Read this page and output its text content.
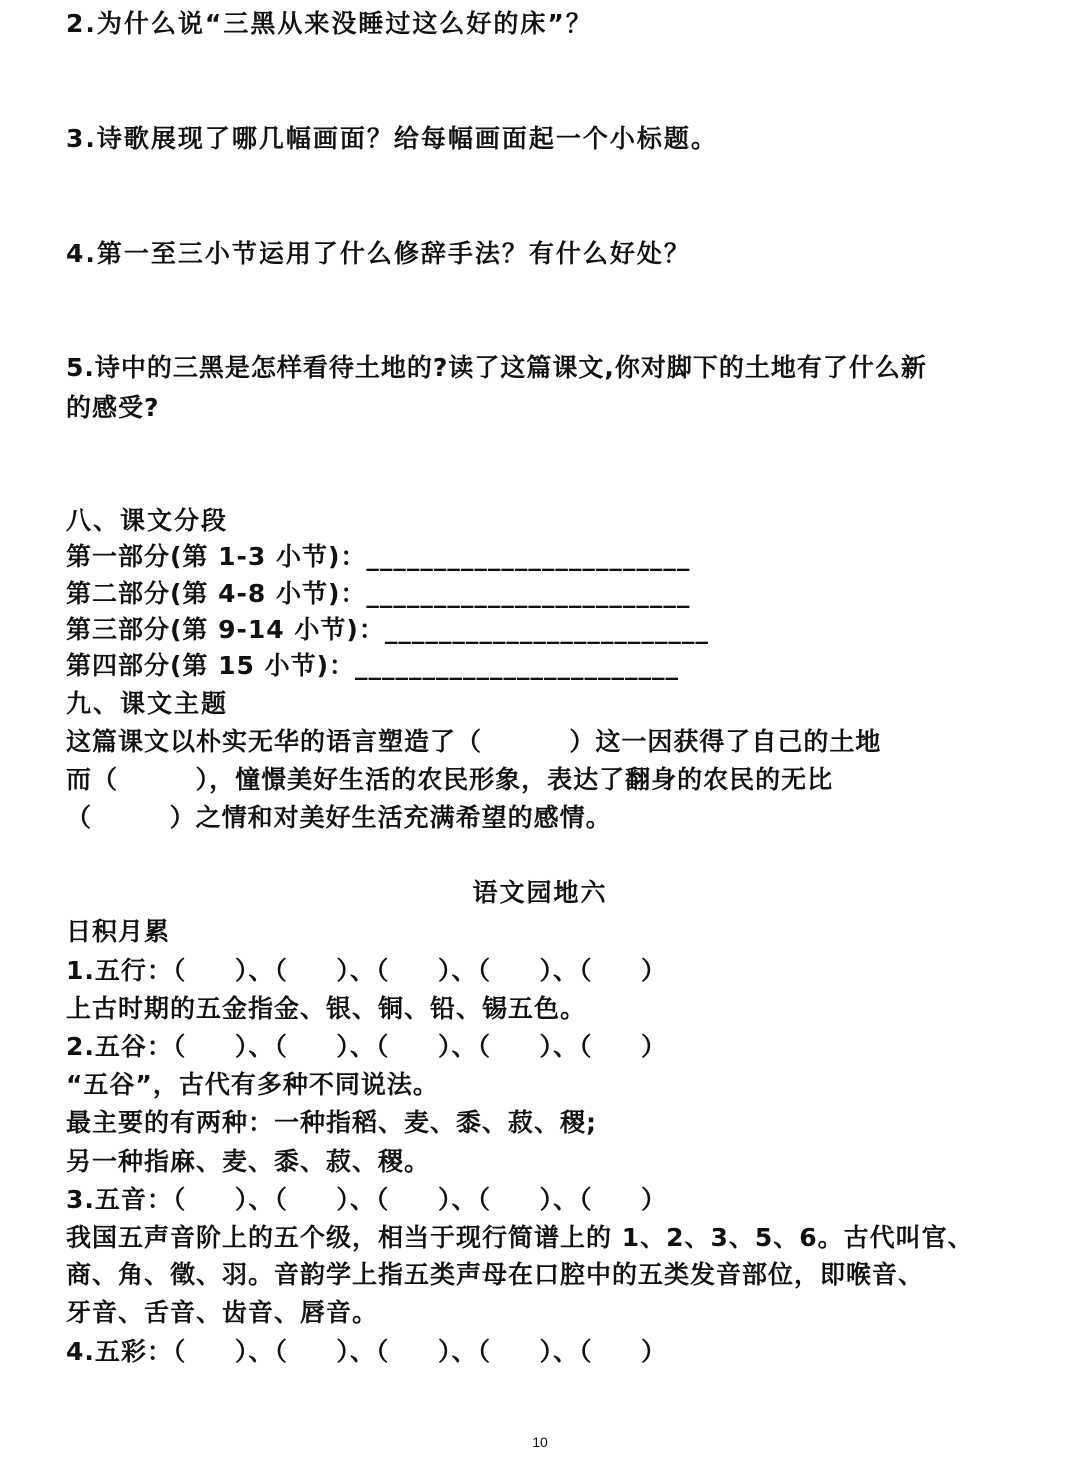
2.为什么说“三黑从来没睡过这么好的床”？

3.诗歌展现了哪几幅画面？给每幅画面起一个小标题。

4.第一至三小节运用了什么修辞手法？有什么好处？

5.诗中的三黑是怎样看待土地的?读了这篇课文,你对脚下的土地有了什么新

的感受?

八、课文分段

第一部分(第 1-3 小节)：________________________

第二部分(第 4-8 小节)：________________________

第三部分(第 9-14 小节)：________________________

第四部分(第 15 小节)：________________________

九、课文主题

这篇课文以朴实无华的语言塑造了（         ）这一因获得了自己的土地

而（        ），憧憬美好生活的农民形象，表达了翻身的农民的无比

（        ）之情和对美好生活充满希望的感情。

语文园地六

日积月累

1.五行：（     ）、（     ）、（     ）、（     ）、（     ）

上古时期的五金指金、银、铜、铅、锡五色。

2.五谷：（     ）、（     ）、（     ）、（     ）、（     ）

“五谷”，古代有多种不同说法。

最主要的有两种：一种指稻、麦、黍、菽、稷;

另一种指麻、麦、黍、菽、稷。

3.五音：（     ）、（     ）、（     ）、（     ）、（     ）

我国五声音阶上的五个级，相当于现行简谱上的 1、2、3、5、6。古代叫官、

商、角、徵、羽。音韵学上指五类声母在口腔中的五类发音部位，即喉音、

牙音、舌音、齿音、唇音。

4.五彩：（     ）、（     ）、（     ）、（     ）、（     ）

10
